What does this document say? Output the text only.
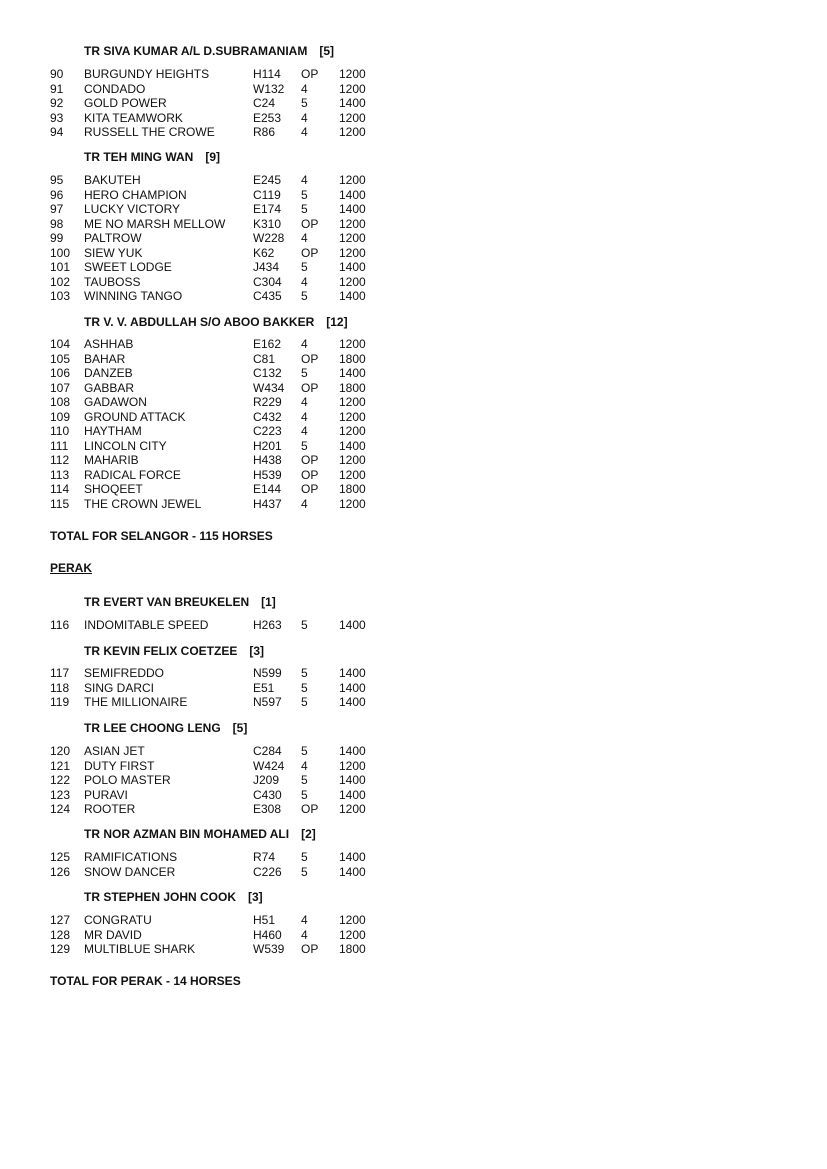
TOTAL FOR SELANGOR - 115 HORSES
PERAK
TOTAL FOR PERAK - 14 HORSES
TR SIVA KUMAR A/L D.SUBRAMANIAM [5]
90 BURGUNDY HEIGHTS	H114 OP 1200
91 CONDADO	W132 4	1200
92 GOLD POWER	C24 5	1400
93 KITA TEAMWORK	E253 4	1200
94 RUSSELL THE CROWE	R86 4	1200
TR TEH MING WAN [9]
95 BAKUTEH	E245 4	1200
96 HERO CHAMPION	C119 5	1400
97 LUCKY VICTORY	E174 5	1400
98 ME NO MARSH MELLOW K310 OP 1200
99 PALTROW	W228 4	1200
100 SIEW YUK	K62 OP 1200
101 SWEET LODGE	J434 5	1400
102 TAUBOSS	C304 4	1200
103 WINNING TANGO	C435 5	1400
TR V. V. ABDULLAH S/O ABOO BAKKER [12]
104 ASHHAB	E162 4	1200
105 BAHAR	C81 OP 1800
106 DANZEB	C132 5	1400
107 GABBAR	W434 OP 1800
108 GADAWON	R229 4	1200
109 GROUND ATTACK	C432 4	1200
110 HAYTHAM	C223 4	1200
111 LINCOLN CITY	H201 5	1400
112 MAHARIB	H438 OP 1200
113 RADICAL FORCE	H539 OP 1200
114 SHOQEET	E144 OP 1800
115 THE CROWN JEWEL	H437 4	1200
TR EVERT VAN BREUKELEN [1]
116 INDOMITABLE SPEED	H263 5	1400
TR KEVIN FELIX COETZEE [3]
117 SEMIFREDDO	N599 5	1400
118 SING DARCI	E51 5	1400
119 THE MILLIONAIRE	N597 5	1400
TR LEE CHOONG LENG [5]
120 ASIAN JET	C284 5	1400
121 DUTY FIRST	W424 4	1200
122 POLO MASTER	J209 5	1400
123 PURAVI	C430 5	1400
124 ROOTER	E308 OP 1200
TR NOR AZMAN BIN MOHAMED ALI [2]
125 RAMIFICATIONS	R74 5	1400
126 SNOW DANCER	C226 5	1400
TR STEPHEN JOHN COOK [3]
127 CONGRATU	H51 4	1200
128 MR DAVID	H460 4	1200
129 MULTIBLUE SHARK	W539 OP 1800
